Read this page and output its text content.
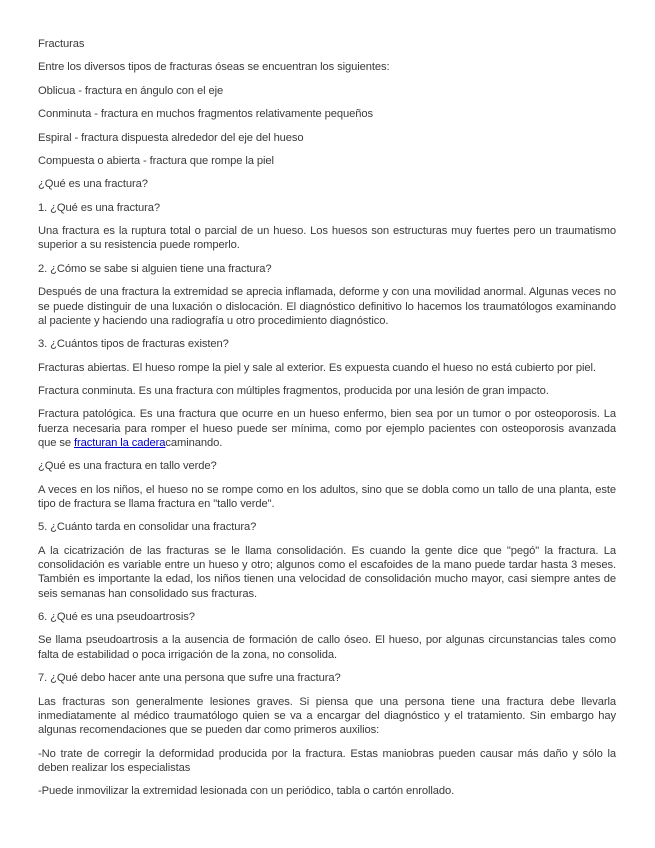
Fracturas

Entre los diversos tipos de fracturas óseas se encuentran los siguientes:

Oblicua - fractura en ángulo con el eje

Conminuta - fractura en muchos fragmentos relativamente pequeños

Espiral - fractura dispuesta alrededor del eje del hueso

Compuesta o abierta - fractura que rompe la piel

¿Qué es una fractura?

1. ¿Qué es una fractura?

Una fractura es la ruptura total o parcial de un hueso. Los huesos son estructuras muy fuertes pero un traumatismo superior a su resistencia puede romperlo.

2. ¿Cómo se sabe si alguien tiene una fractura?

Después de una fractura la extremidad se aprecia inflamada, deforme y con una movilidad anormal. Algunas veces no se puede distinguir de una luxación o dislocación. El diagnóstico definitivo lo hacemos los traumatólogos examinando al paciente y haciendo una radiografía u otro procedimiento diagnóstico.

3. ¿Cuántos tipos de fracturas existen?

Fracturas abiertas. El hueso rompe la piel y sale al exterior. Es expuesta cuando el hueso no está cubierto por piel.

Fractura conminuta. Es una fractura con múltiples fragmentos, producida por una lesión de gran impacto.

Fractura patológica. Es una fractura que ocurre en un hueso enfermo, bien sea por un tumor o por osteoporosis. La fuerza necesaria para romper el hueso puede ser mínima, como por ejemplo pacientes con osteoporosis avanzada que se fracturan la caderacaminando.

¿Qué es una fractura en tallo verde?

A veces en los niños, el hueso no se rompe como en los adultos, sino que se dobla como un tallo de una planta, este tipo de fractura se llama fractura en "tallo verde".

5. ¿Cuánto tarda en consolidar una fractura?

A la cicatrización de las fracturas se le llama consolidación. Es cuando la gente dice que "pegó" la fractura. La consolidación es variable entre un hueso y otro; algunos como el escafoides de la mano puede tardar hasta 3 meses. También es importante la edad, los niños tienen una velocidad de consolidación mucho mayor, casi siempre antes de seis semanas han consolidado sus fracturas.

6. ¿Qué es una pseudoartrosis?

Se llama pseudoartrosis a la ausencia de formación de callo óseo. El hueso, por algunas circunstancias tales como falta de estabilidad o poca irrigación de la zona, no consolida.

7. ¿Qué debo hacer ante una persona que sufre una fractura?

Las fracturas son generalmente lesiones graves. Si piensa que una persona tiene una fractura debe llevarla inmediatamente al médico traumatólogo quien se va a encargar del diagnóstico y el tratamiento. Sin embargo hay algunas recomendaciones que se pueden dar como primeros auxilios:

-No trate de corregir la deformidad producida por la fractura. Estas maniobras pueden causar más daño y sólo la deben realizar los especialistas

-Puede inmovilizar la extremidad lesionada con un periódico, tabla o cartón enrollado.
